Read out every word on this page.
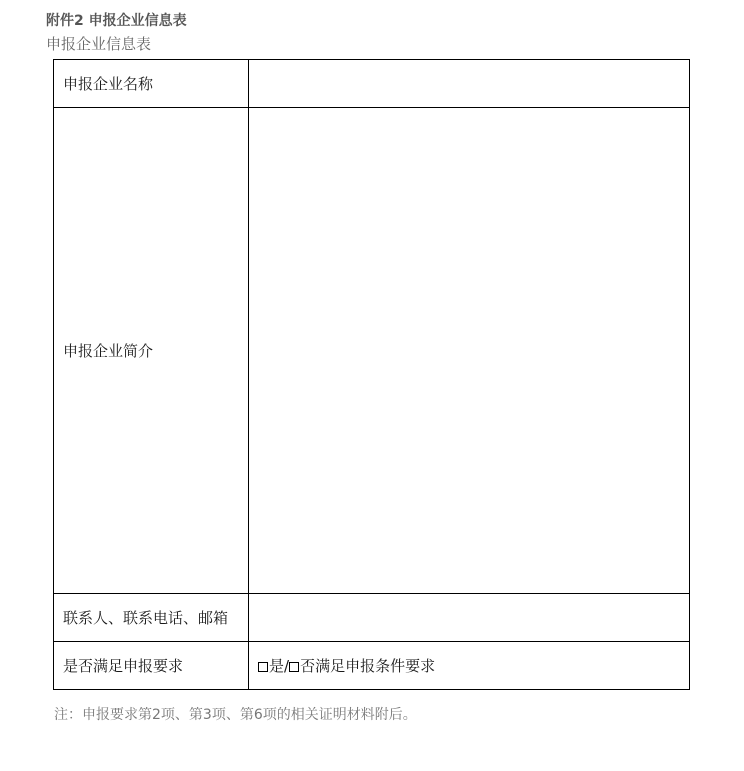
附件2 申报企业信息表
申报企业信息表
申报企业名称	
申报企业简介	
联系人、联系电话、邮箱	
是否满足申报要求	是/ 否满足申报条件要求
注：申报要求第2项、第3项、第6项的相关证明材料附后。
